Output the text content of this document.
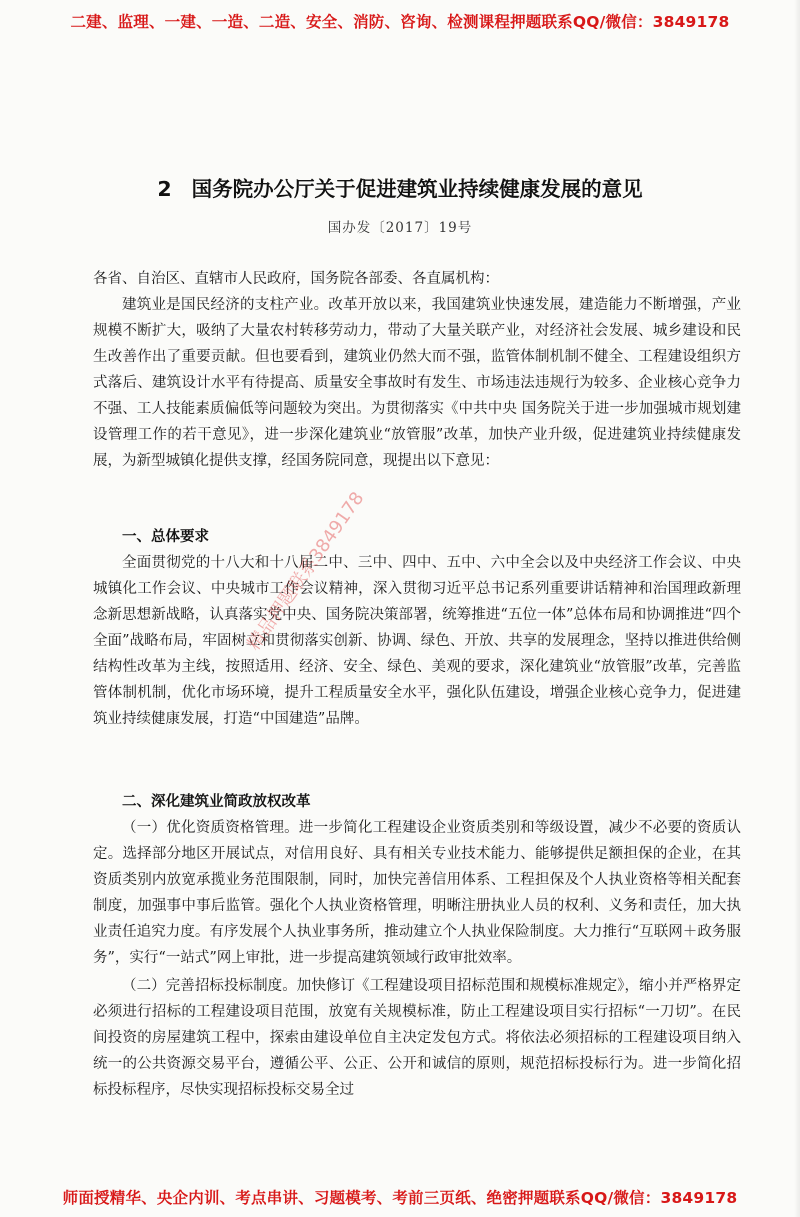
二建、监理、一建、一造、二造、安全、消防、咨询、检测课程押题联系QQ/微信：3849178
2 国务院办公厅关于促进建筑业持续健康发展的意见
国办发〔2017〕19号

各省、自治区、直辖市人民政府，国务院各部委、各直属机构：

建筑业是国民经济的支柱产业。改革开放以来，我国建筑业快速发展，建造能力不断增强，产业规模不断扩大，吸纳了大量农村转移劳动力，带动了大量关联产业，对经济社会发展、城乡建设和民生改善作出了重要贡献。但也要看到，建筑业仍然大而不强，监管体制机制不健全、工程建设组织方式落后、建筑设计水平有待提高、质量安全事故时有发生、市场违法违规行为较多、企业核心竞争力不强、工人技能素质偏低等问题较为突出。为贯彻落实《中共中央 国务院关于进一步加强城市规划建设管理工作的若干意见》，进一步深化建筑业“放管服”改革，加快产业升级，促进建筑业持续健康发展，为新型城镇化提供支撑，经国务院同意，现提出以下意见：

一、总体要求

全面贯彻党的十八大和十八届二中、三中、四中、五中、六中全会以及中央经济工作会议、中央城镇化工作会议、中央城市工作会议精神，深入贯彻习近平总书记系列重要讲话精神和治国理政新理念新思想新战略，认真落实党中央、国务院决策部署，统筹推进“五位一体”总体布局和协调推进“四个全面”战略布局，牢固树立和贯彻落实创新、协调、绿色、开放、共享的发展理念，坚持以推进供给侧结构性改革为主线，按照适用、经济、安全、绿色、美观的要求，深化建筑业“放管服”改革，完善监管体制机制，优化市场环境，提升工程质量安全水平，强化队伍建设，增强企业核心竞争力，促进建筑业持续健康发展，打造“中国建造”品牌。

二、深化建筑业简政放权改革

（一）优化资质资格管理。进一步简化工程建设企业资质类别和等级设置，减少不必要的资质认定。选择部分地区开展试点，对信用良好、具有相关专业技术能力、能够提供足额担保的企业，在其资质类别内放宽承揽业务范围限制，同时，加快完善信用体系、工程担保及个人执业资格等相关配套制度，加强事中事后监管。强化个人执业资格管理，明晰注册执业人员的权利、义务和责任，加大执业责任追究力度。有序发展个人执业事务所，推动建立个人执业保险制度。大力推行“互联网＋政务服务”，实行“一站式”网上审批，进一步提高建筑领域行政审批效率。

（二）完善招标投标制度。加快修订《工程建设项目招标范围和规模标准规定》，缩小并严格界定必须进行招标的工程建设项目范围，放宽有关规模标准，防止工程建设项目实行招标“一刀切”。在民间投资的房屋建筑工程中，探索由建设单位自主决定发包方式。将依法必须招标的工程建设项目纳入统一的公共资源交易平台，遵循公平、公正、公开和诚信的原则，规范招标投标行为。进一步简化招标投标程序，尽快实现招标投标交易全过

精品押题联系3849178
师面授精华、央企内训、考点串讲、习题模考、考前三页纸、绝密押题联系QQ/微信：3849178
